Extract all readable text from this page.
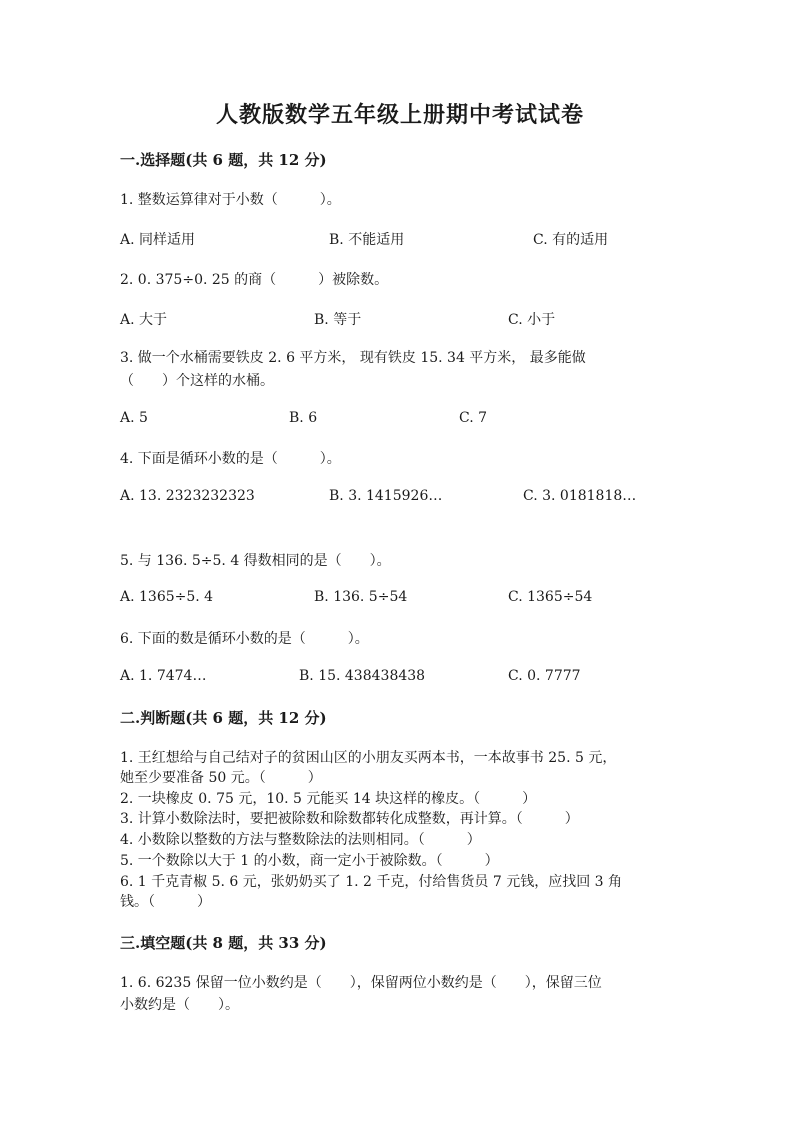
人教版数学五年级上册期中考试试卷
一.选择题(共 6 题，共 12 分)
1. 整数运算律对于小数（　　　）。
A. 同样适用	B. 不能适用	C. 有的适用
2. 0. 375÷0. 25 的商（　　　）被除数。
A. 大于	B. 等于	C. 小于
3. 做一个水桶需要铁皮 2. 6 平方米， 现有铁皮 15. 34 平方米， 最多能做
（　　）个这样的水桶。
A. 5	B. 6	C. 7
4. 下面是循环小数的是（　　　）。
A. 13. 2323232323	B. 3. 1415926…	C. 3. 0181818…
5. 与 136. 5÷5. 4 得数相同的是（　　）。
A. 1365÷5. 4	B. 136. 5÷54	C. 1365÷54
6. 下面的数是循环小数的是（　　　）。
A. 1. 7474…	B. 15. 438438438	C. 0. 7777
二.判断题(共 6 题，共 12 分)
1. 王红想给与自己结对子的贫困山区的小朋友买两本书，一本故事书 25. 5 元，
她至少要准备 50 元。（　　　）
2. 一块橡皮 0. 75 元，10. 5 元能买 14 块这样的橡皮。（　　　）
3. 计算小数除法时，要把被除数和除数都转化成整数，再计算。（　　　）
4. 小数除以整数的方法与整数除法的法则相同。（　　　）
5. 一个数除以大于 1 的小数，商一定小于被除数。（　　　）
6. 1 千克青椒 5. 6 元，张奶奶买了 1. 2 千克，付给售货员 7 元钱，应找回 3 角
钱。（　　　）
三.填空题(共 8 题，共 33 分)
1. 6. 6235 保留一位小数约是（　　），保留两位小数约是（　　），保留三位
小数约是（　　）。
